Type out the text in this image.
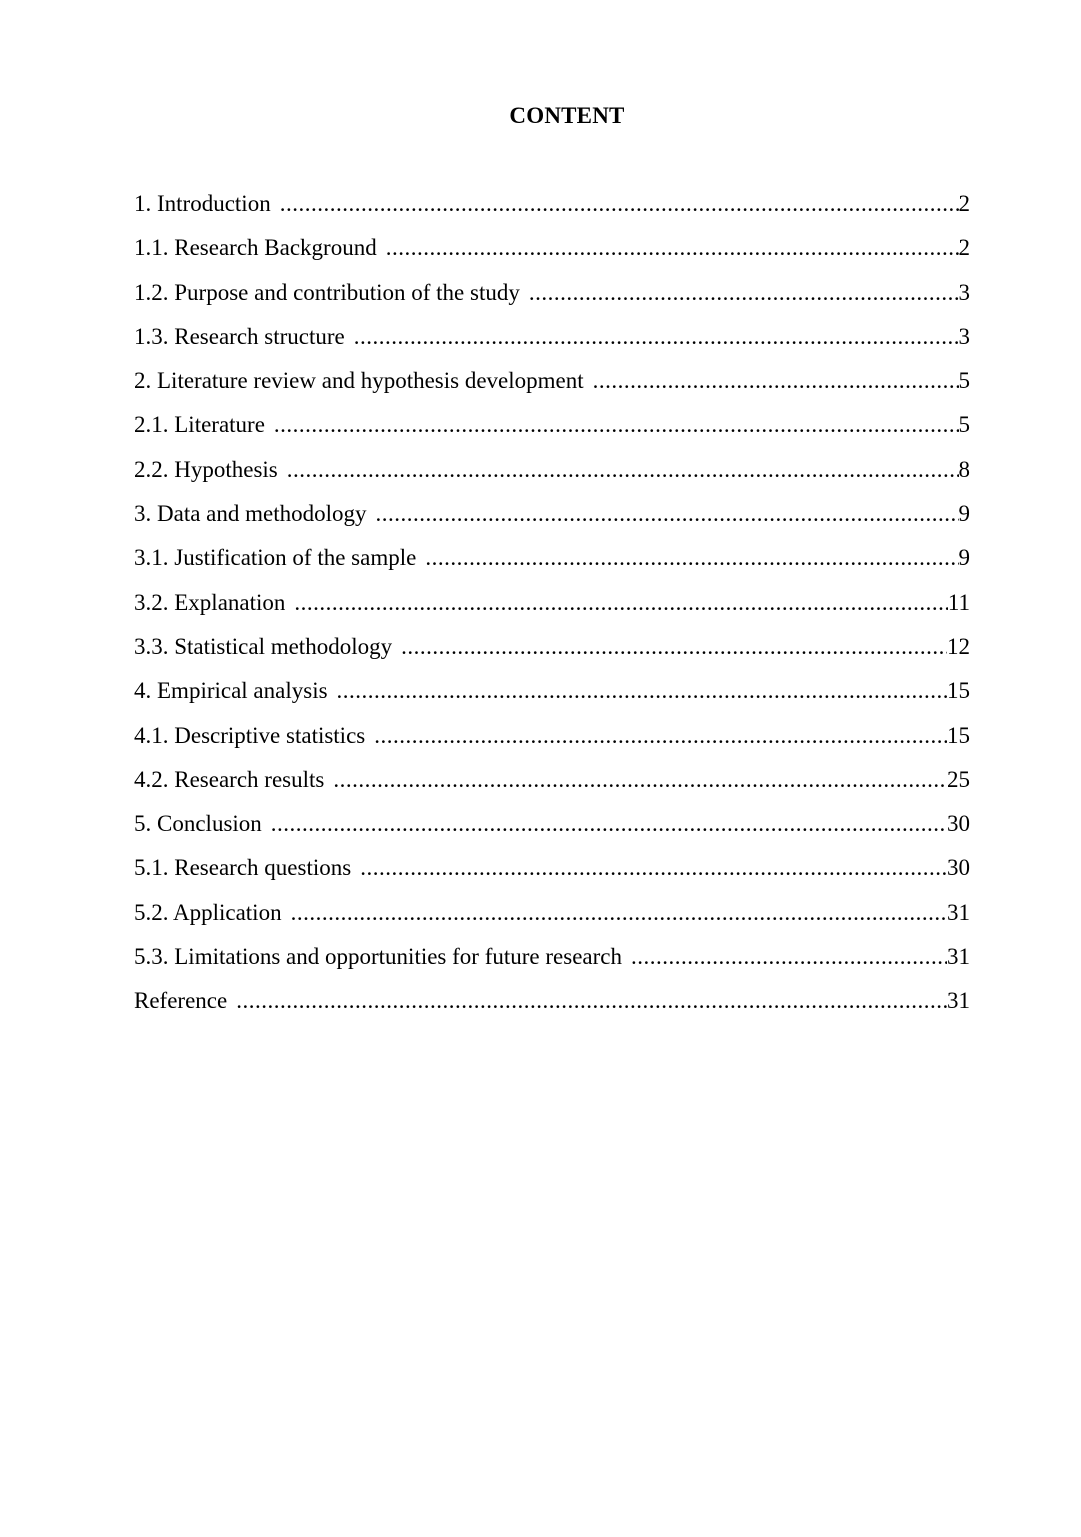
CONTENT
1. Introduction .....	2
1.1. Research Background .....	2
1.2. Purpose and contribution of the study .....	3
1.3. Research structure .....	3
2. Literature review and hypothesis development .....	5
2.1. Literature .....	5
2.2. Hypothesis .....	8
3. Data and methodology .....	9
3.1. Justification of the sample .....	9
3.2. Explanation .....	11
3.3. Statistical methodology .....	12
4. Empirical analysis .....	15
4.1. Descriptive statistics .....	15
4.2. Research results .....	25
5. Conclusion .....	30
5.1. Research questions .....	30
5.2. Application .....	31
5.3. Limitations and opportunities for future research .....	31
Reference .....	31
